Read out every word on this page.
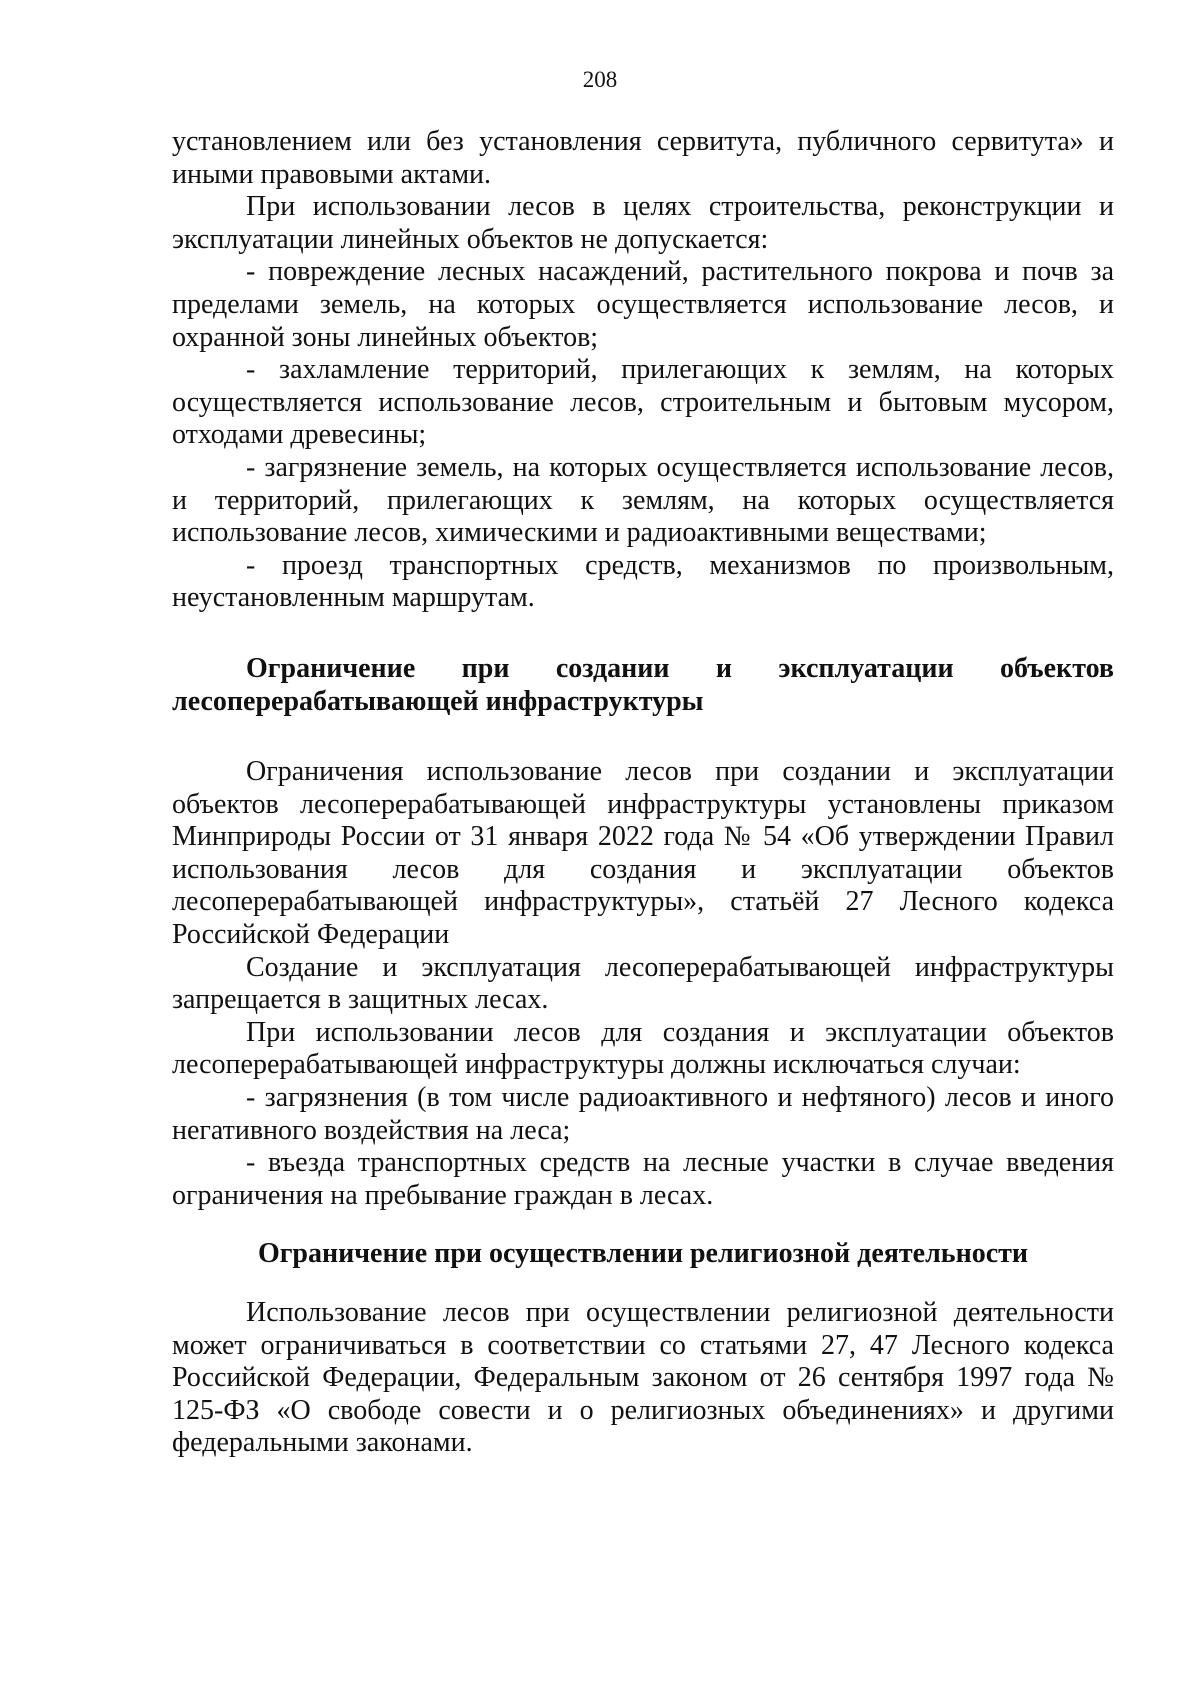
208

установлением или без установления сервитута, публичного сервитута» и иными правовыми актами.

При использовании лесов в целях строительства, реконструкции и эксплуатации линейных объектов не допускается:

- повреждение лесных насаждений, растительного покрова и почв за пределами земель, на которых осуществляется использование лесов, и охранной зоны линейных объектов;

- захламление территорий, прилегающих к землям, на которых осуществляется использование лесов, строительным и бытовым мусором, отходами древесины;

- загрязнение земель, на которых осуществляется использование лесов, и территорий, прилегающих к землям, на которых осуществляется использование лесов, химическими и радиоактивными веществами;

- проезд транспортных средств, механизмов по произвольным, неустановленным маршрутам.

Ограничение при создании и эксплуатации объектов лесоперерабатывающей инфраструктуры

Ограничения использование лесов при создании и эксплуатации объектов лесоперерабатывающей инфраструктуры установлены приказом Минприроды России от 31 января 2022 года № 54 «Об утверждении Правил использования лесов для создания и эксплуатации объектов лесоперерабатывающей инфраструктуры», статьёй 27 Лесного кодекса Российской Федерации

Создание и эксплуатация лесоперерабатывающей инфраструктуры запрещается в защитных лесах.

При использовании лесов для создания и эксплуатации объектов лесоперерабатывающей инфраструктуры должны исключаться случаи:

- загрязнения (в том числе радиоактивного и нефтяного) лесов и иного негативного воздействия на леса;

- въезда транспортных средств на лесные участки в случае введения ограничения на пребывание граждан в лесах.

Ограничение при осуществлении религиозной деятельности

Использование лесов при осуществлении религиозной деятельности может ограничиваться в соответствии со статьями 27, 47 Лесного кодекса Российской Федерации, Федеральным законом от 26 сентября 1997 года № 125-ФЗ «О свободе совести и о религиозных объединениях» и другими федеральными законами.
